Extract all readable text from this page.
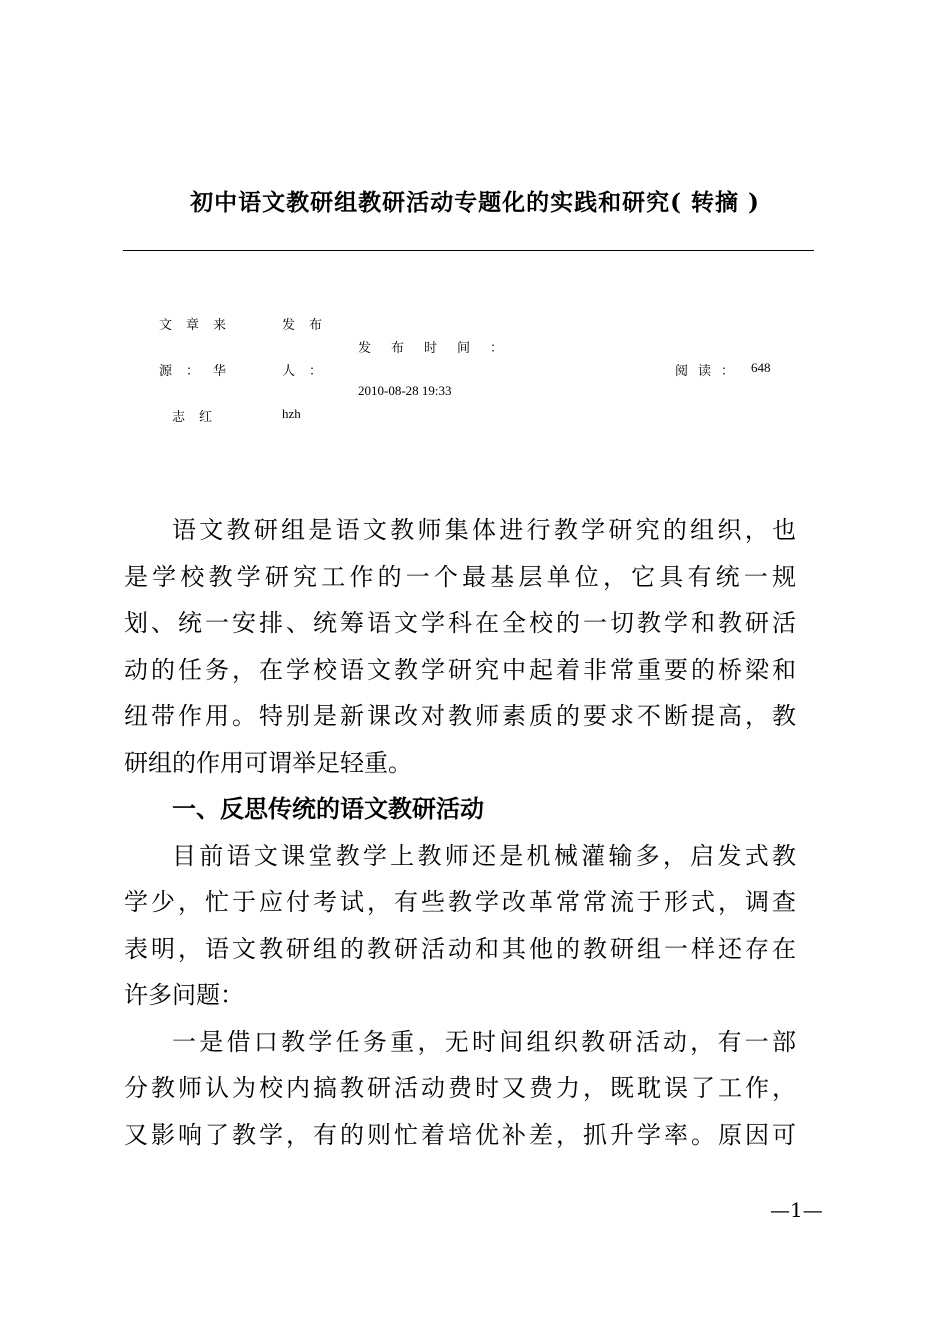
初中语文教研组教研活动专题化的实践和研究( 转摘 )
文章来
源：华
志红
发布
人：
hzh
发布时间：
2010-08-28 19:33
阅读： 648
语文教研组是语文教师集体进行教学研究的组织，也
是学校教学研究工作的一个最基层单位，它具有统一规
划、统一安排、统筹语文学科在全校的一切教学和教研活
动的任务，在学校语文教学研究中起着非常重要的桥梁和
纽带作用。特别是新课改对教师素质的要求不断提高，教
研组的作用可谓举足轻重。
一、反思传统的语文教研活动
目前语文课堂教学上教师还是机械灌输多，启发式教
学少，忙于应付考试，有些教学改革常常流于形式，调查
表明，语文教研组的教研活动和其他的教研组一样还存在
许多问题：
一是借口教学任务重，无时间组织教研活动，有一部
分教师认为校内搞教研活动费时又费力，既耽误了工作，
又影响了教学，有的则忙着培优补差，抓升学率。原因可
—1—
